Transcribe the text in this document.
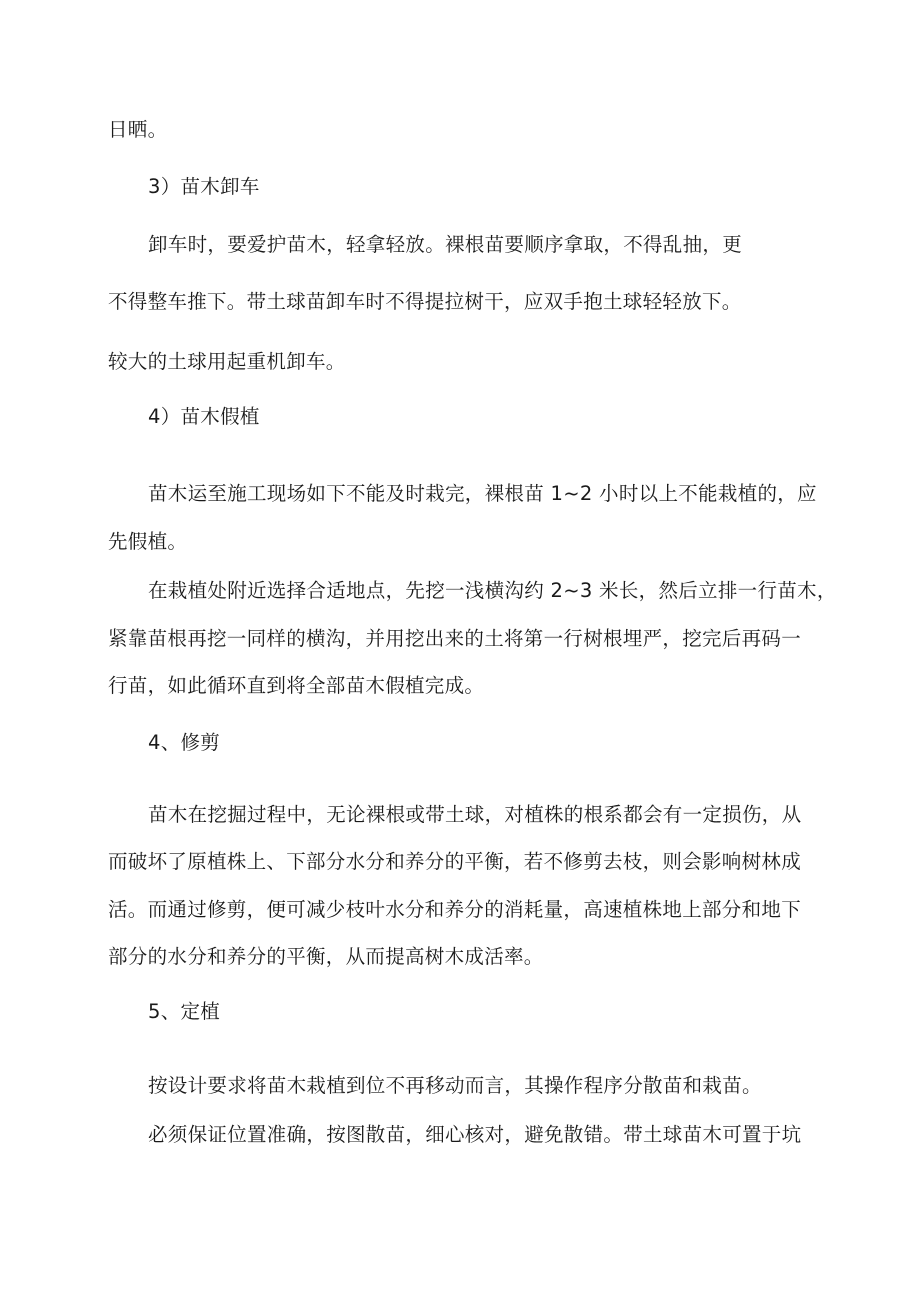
日晒。
3）苗木卸车
卸车时，要爱护苗木，轻拿轻放。裸根苗要顺序拿取，不得乱抽，更
不得整车推下。带土球苗卸车时不得提拉树干，应双手抱土球轻轻放下。
较大的土球用起重机卸车。
4）苗木假植
苗木运至施工现场如下不能及时栽完，裸根苗 1~2 小时以上不能栽植的，应
先假植。
在栽植处附近选择合适地点，先挖一浅横沟约 2~3 米长，然后立排一行苗木，
紧靠苗根再挖一同样的横沟，并用挖出来的土将第一行树根埋严，挖完后再码一
行苗，如此循环直到将全部苗木假植完成。
4、修剪
苗木在挖掘过程中，无论裸根或带土球，对植株的根系都会有一定损伤，从
而破坏了原植株上、下部分水分和养分的平衡，若不修剪去枝，则会影响树林成
活。而通过修剪，便可减少枝叶水分和养分的消耗量，高速植株地上部分和地下
部分的水分和养分的平衡，从而提高树木成活率。
5、定植
按设计要求将苗木栽植到位不再移动而言，其操作程序分散苗和栽苗。
必须保证位置准确，按图散苗，细心核对，避免散错。带土球苗木可置于坑
